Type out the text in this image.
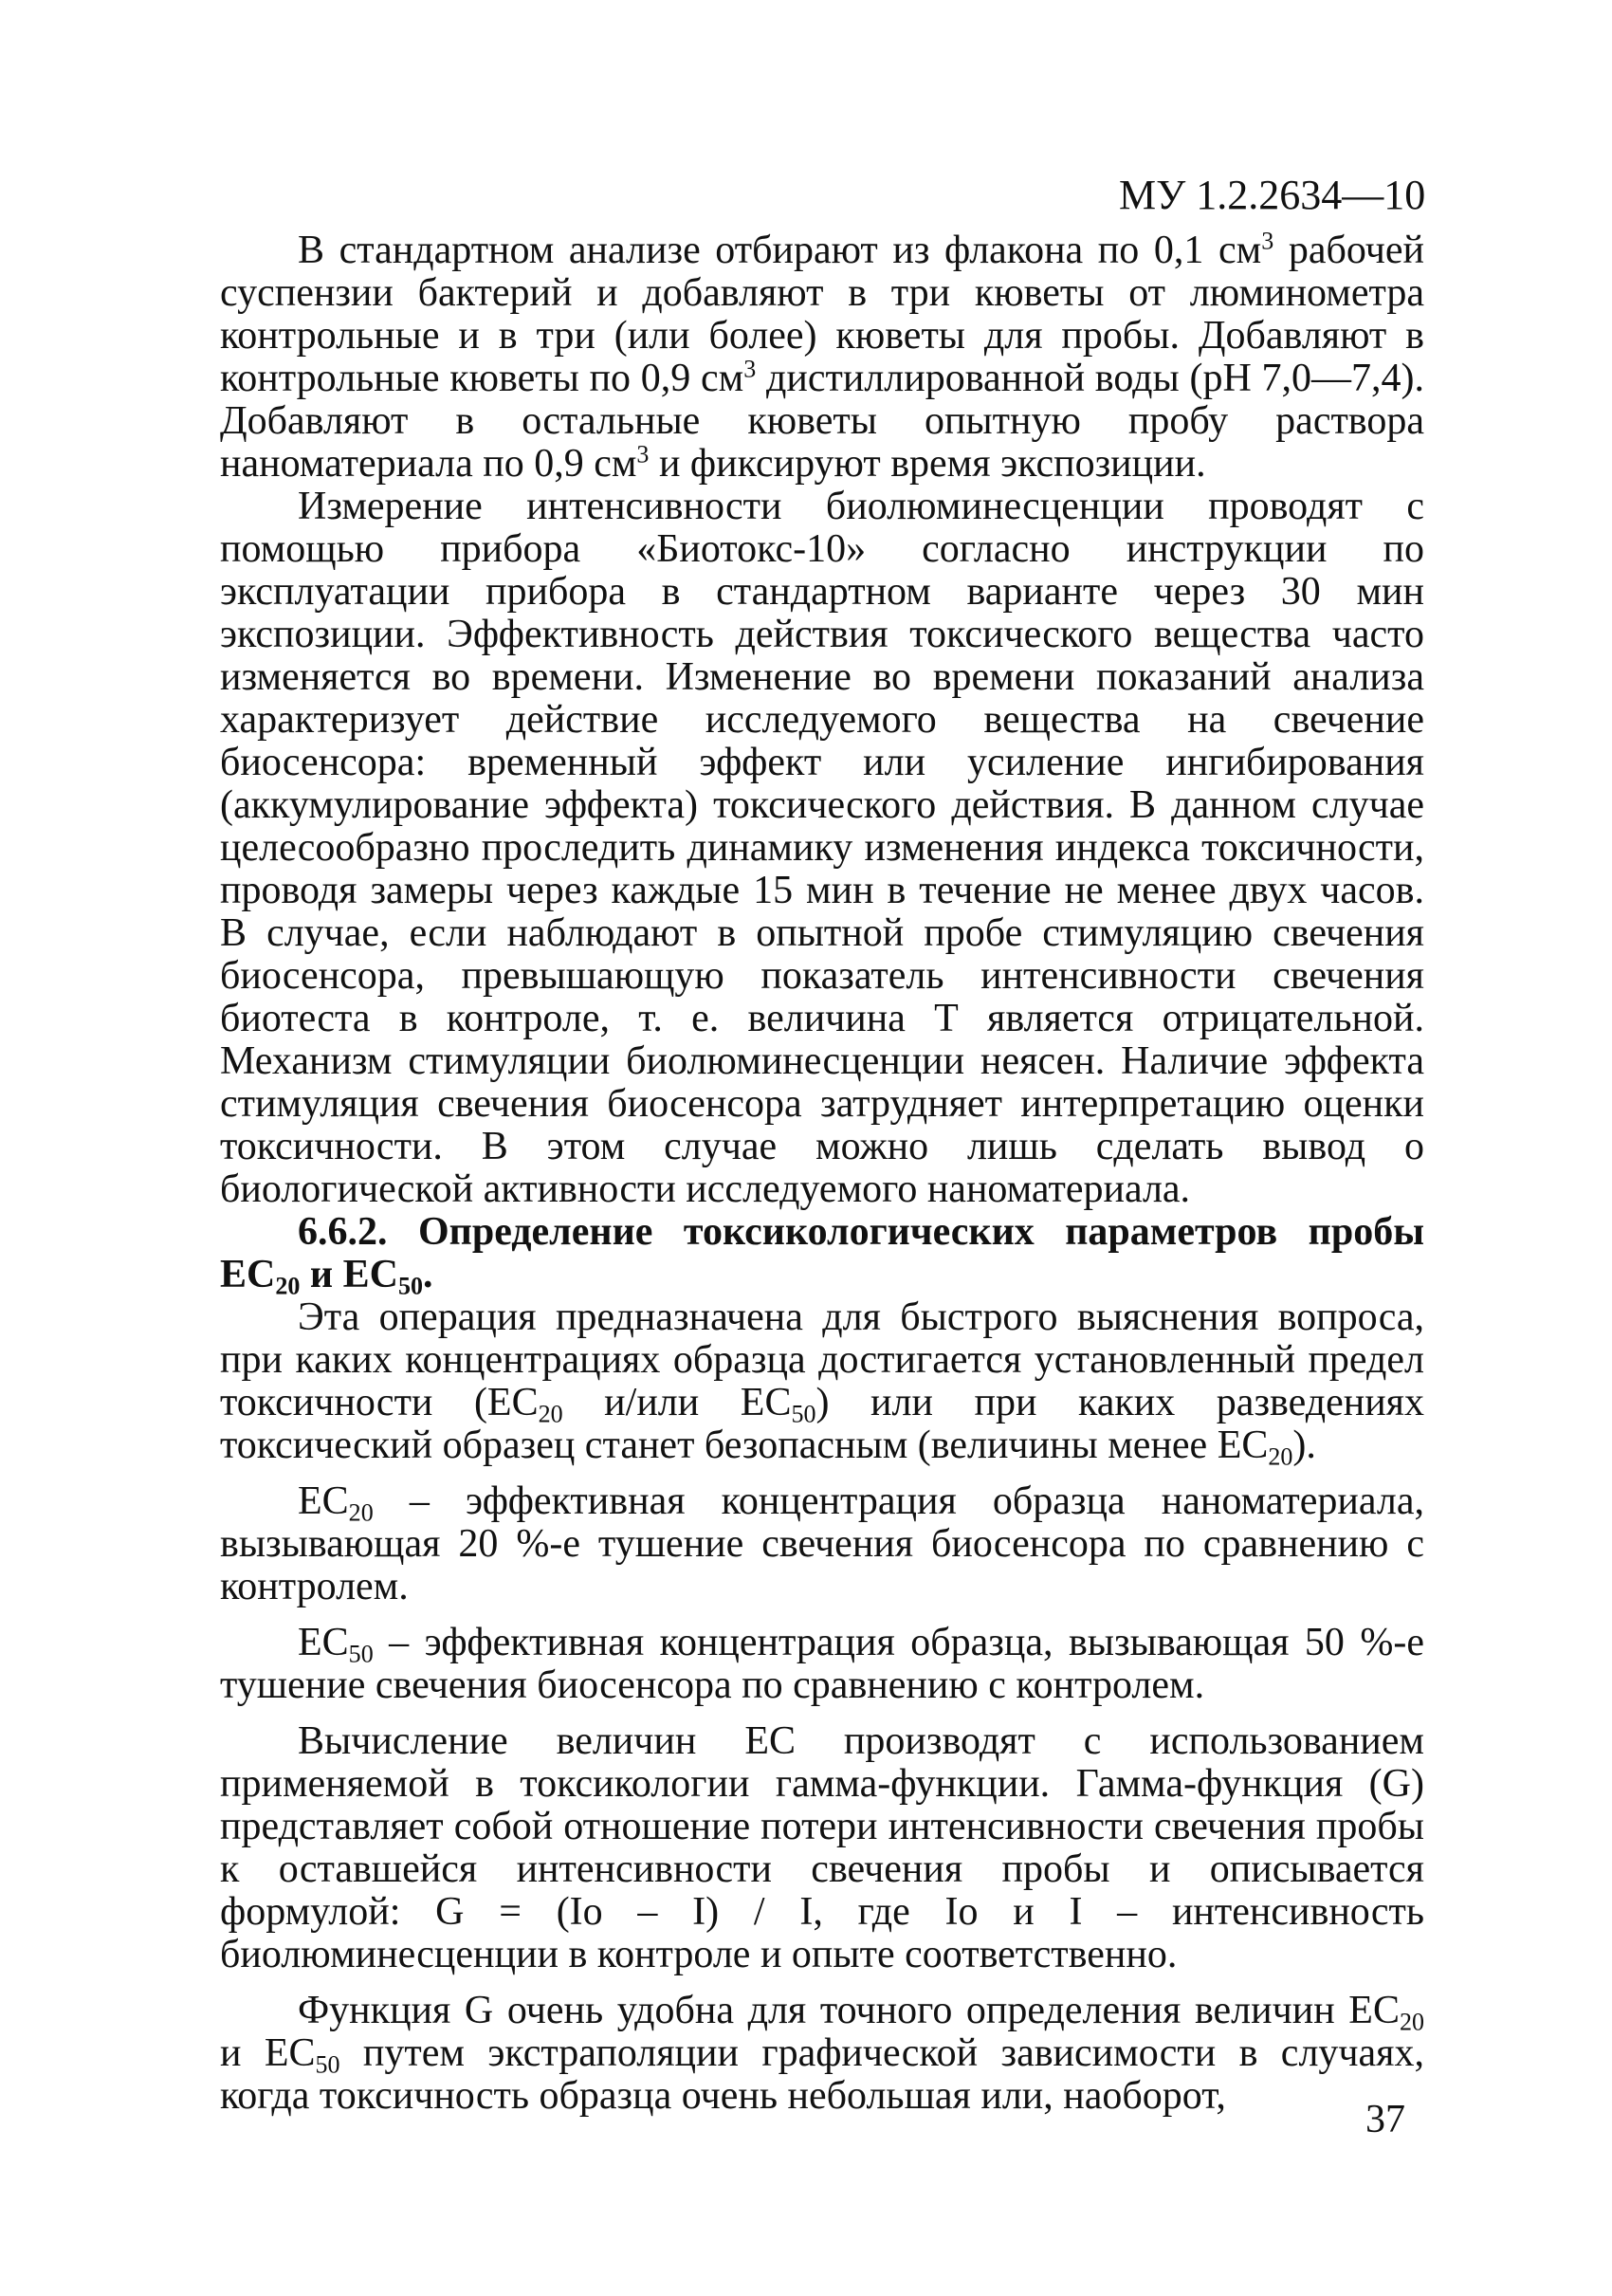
МУ 1.2.2634—10

В стандартном анализе отбирают из флакона по 0,1 $см^3$ рабочей суспензии бактерий и добавляют в три кюветы от люминометра контрольные и в три (или более) кюветы для пробы. Добавляют в контрольные кюветы по 0,9 $см^3$ дистиллированной воды (рН 7,0—7,4). Добавляют в остальные кюветы опытную пробу раствора наноматериала по 0,9 $см^3$ и фиксируют время экспозиции.

Измерение интенсивности биолюминесценции проводят с помощью прибора «Биотокс-10» согласно инструкции по эксплуатации прибора в стандартном варианте через 30 мин экспозиции. Эффективность действия токсического вещества часто изменяется во времени. Изменение во времени показаний анализа характеризует действие исследуемого вещества на свечение биосенсора: временный эффект или усиление ингибирования (аккумулирование эффекта) токсического действия. В данном случае целесообразно проследить динамику изменения индекса токсичности, проводя замеры через каждые 15 мин в течение не менее двух часов. В случае, если наблюдают в опытной пробе стимуляцию свечения биосенсора, превышающую показатель интенсивности свечения биотеста в контроле, т. е. величина Т является отрицательной. Механизм стимуляции биолюминесценции неясен. Наличие эффекта стимуляция свечения биосенсора затрудняет интерпретацию оценки токсичности. В этом случае можно лишь сделать вывод о биологической активности исследуемого наноматериала.

6.6.2. Определение токсикологических параметров пробы $ЕС_{20}$ и $ЕС_{50}$.

Эта операция предназначена для быстрого выяснения вопроса, при каких концентрациях образца достигается установленный предел токсичности ($ЕС_{20}$ и/или $ЕС_{50}$) или при каких разведениях токсический образец станет безопасным (величины менее $ЕС_{20}$).

$ЕС_{20}$ – эффективная концентрация образца наноматериала, вызывающая 20 %-е тушение свечения биосенсора по сравнению с контролем.

$ЕС_{50}$ – эффективная концентрация образца, вызывающая 50 %-е тушение свечения биосенсора по сравнению с контролем.

Вычисление величин ЕС производят с использованием применяемой в токсикологии гамма-функции. Гамма-функция (G) представляет собой отношение потери интенсивности свечения пробы к оставшейся интенсивности свечения пробы и описывается формулой: G = (Io – I) / I, где Io и I – интенсивность биолюминесценции в контроле и опыте соответственно.

Функция G очень удобна для точного определения величин $ЕС_{20}$ и $ЕС_{50}$ путем экстраполяции графической зависимости в случаях, когда токсичность образца очень небольшая или, наоборот,

37
